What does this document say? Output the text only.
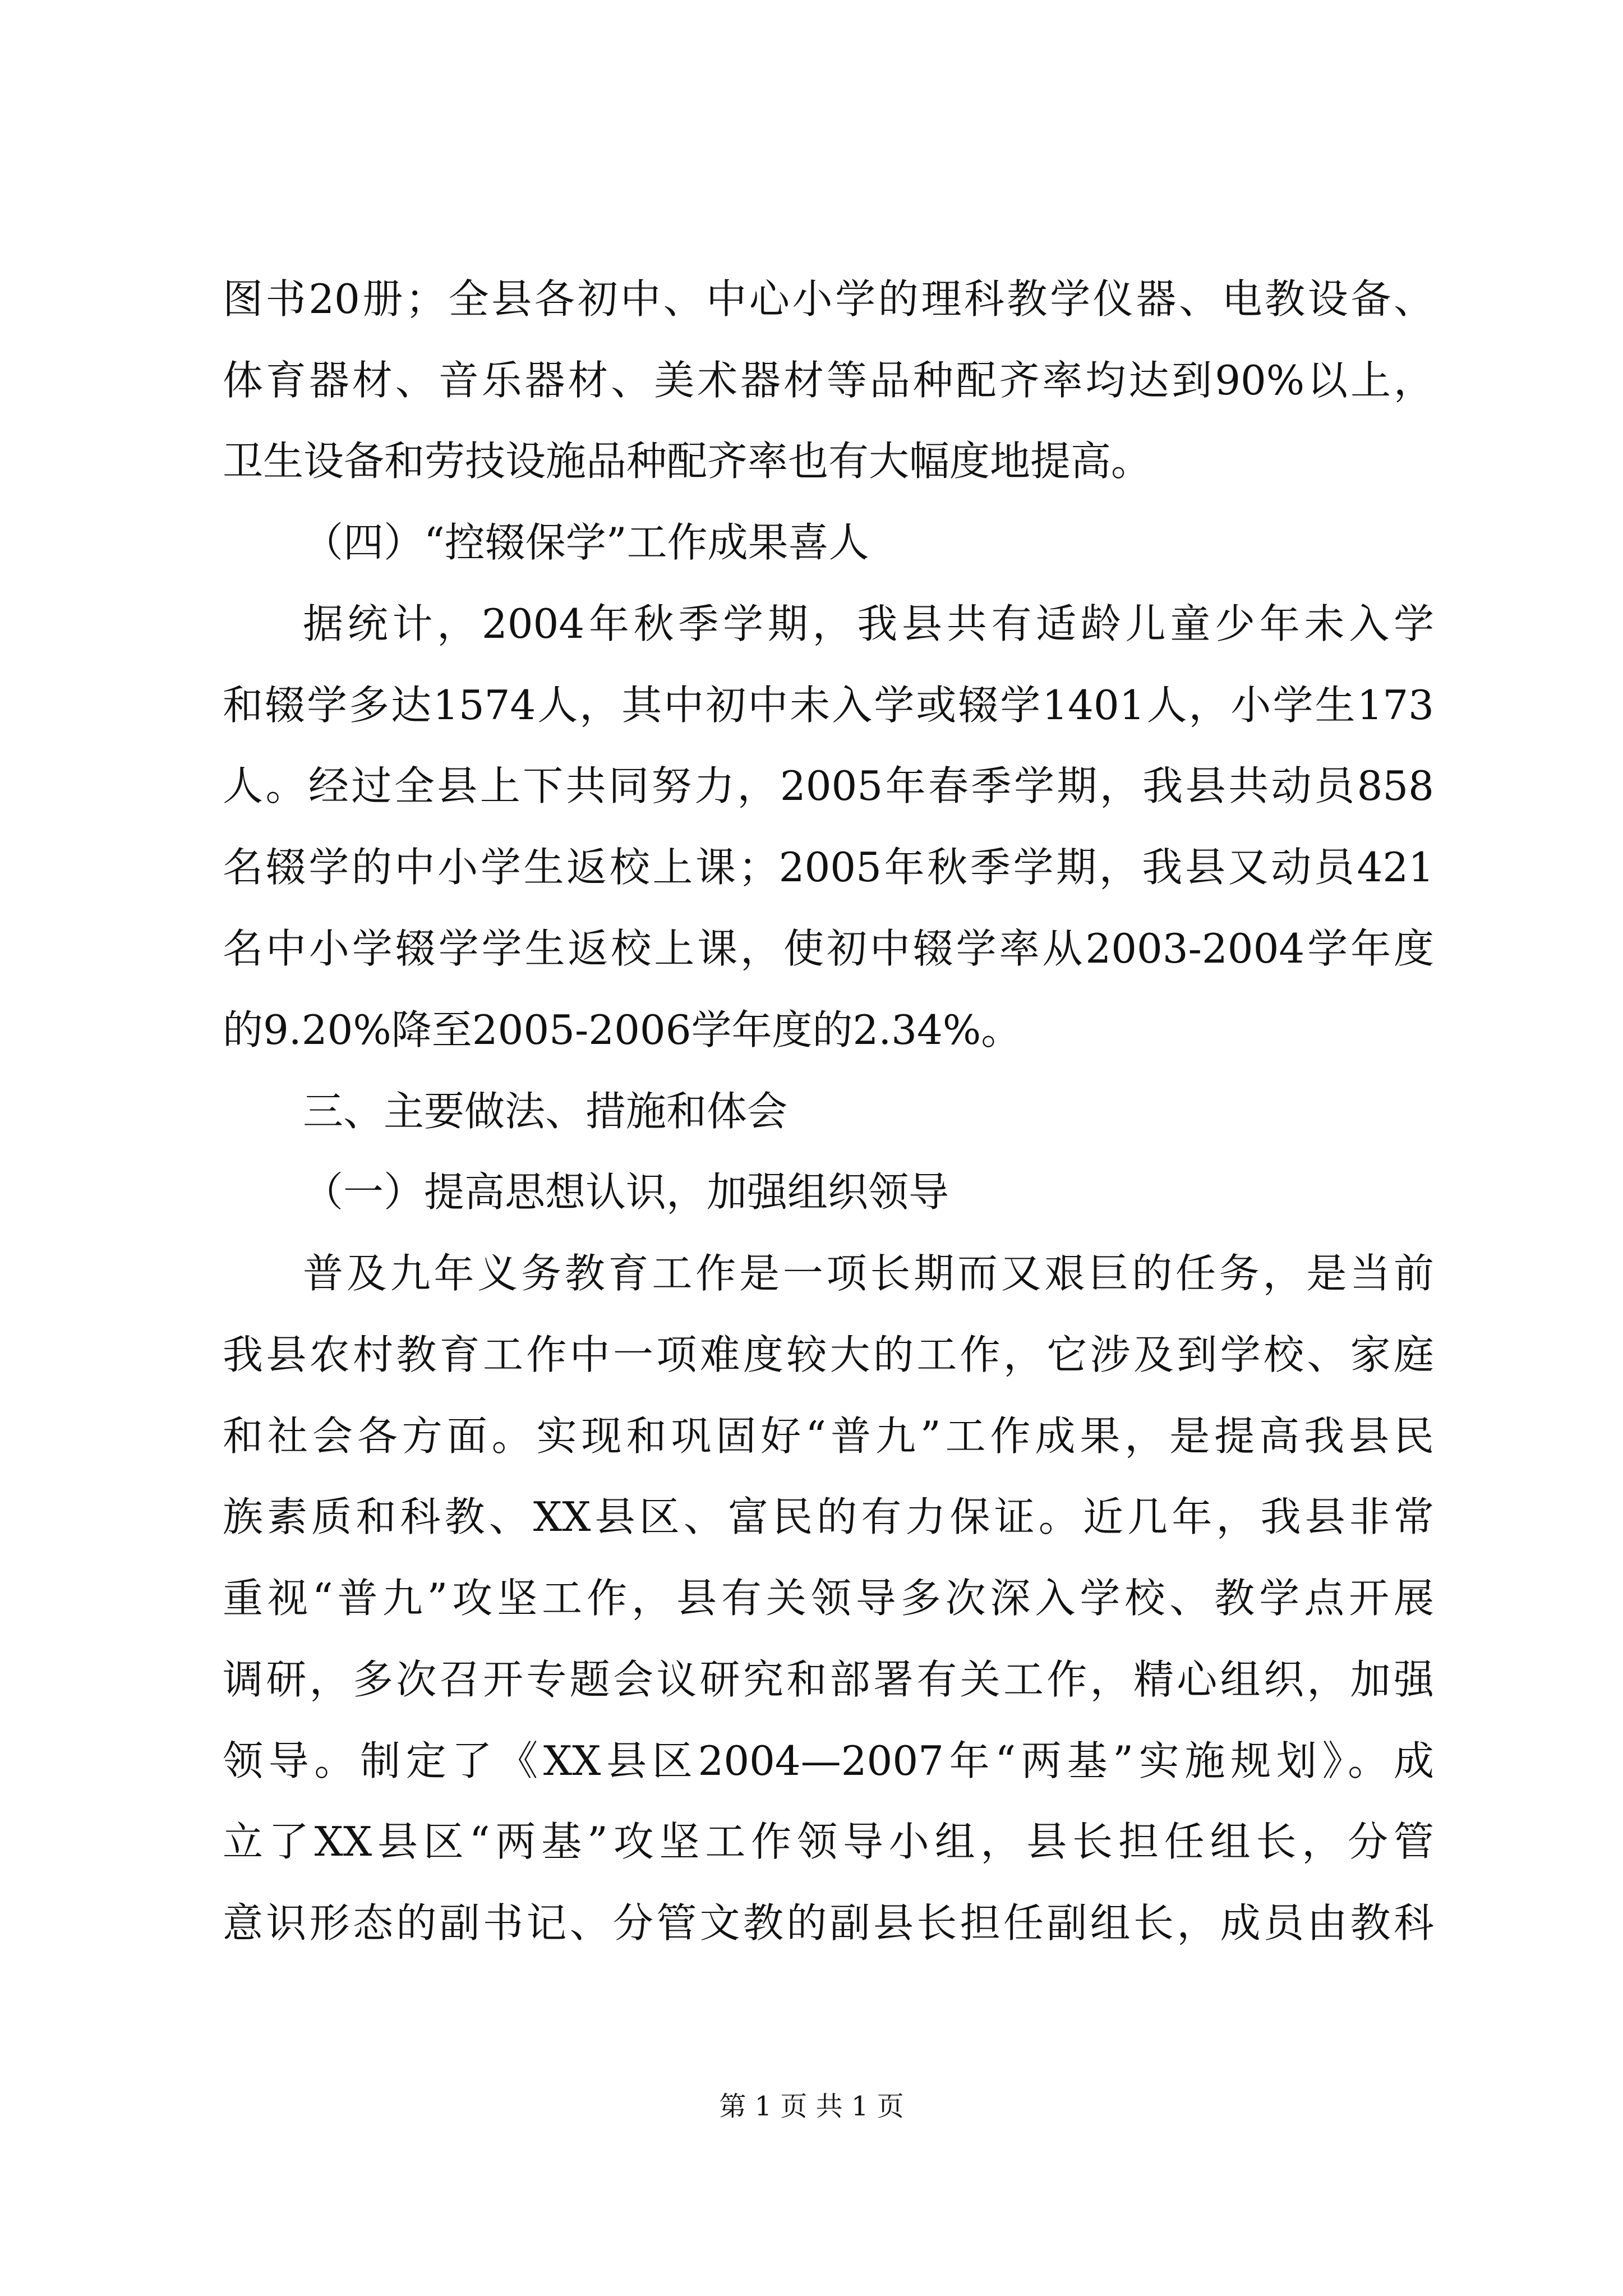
图书20册；全县各初中、中心小学的理科教学仪器、电教设备、
体育器材、音乐器材、美术器材等品种配齐率均达到90%以上，
卫生设备和劳技设施品种配齐率也有大幅度地提高。
（四）“控辍保学”工作成果喜人
据统计，2004年秋季学期，我县共有适龄儿童少年未入学
和辍学多达1574人，其中初中未入学或辍学1401人，小学生173
人。经过全县上下共同努力，2005年春季学期，我县共动员858
名辍学的中小学生返校上课；2005年秋季学期，我县又动员421
名中小学辍学学生返校上课，使初中辍学率从2003-2004学年度
的9.20%降至2005-2006学年度的2.34%。
三、主要做法、措施和体会
（一）提高思想认识，加强组织领导
普及九年义务教育工作是一项长期而又艰巨的任务，是当前
我县农村教育工作中一项难度较大的工作，它涉及到学校、家庭
和社会各方面。实现和巩固好“普九”工作成果，是提高我县民
族素质和科教、XX县区、富民的有力保证。近几年，我县非常
重视“普九”攻坚工作，县有关领导多次深入学校、教学点开展
调研，多次召开专题会议研究和部署有关工作，精心组织，加强
领导。制定了《XX县区2004—2007年“两基”实施规划》。成
立了XX县区“两基”攻坚工作领导小组，县长担任组长，分管
意识形态的副书记、分管文教的副县长担任副组长，成员由教科
第 1 页 共 1 页
